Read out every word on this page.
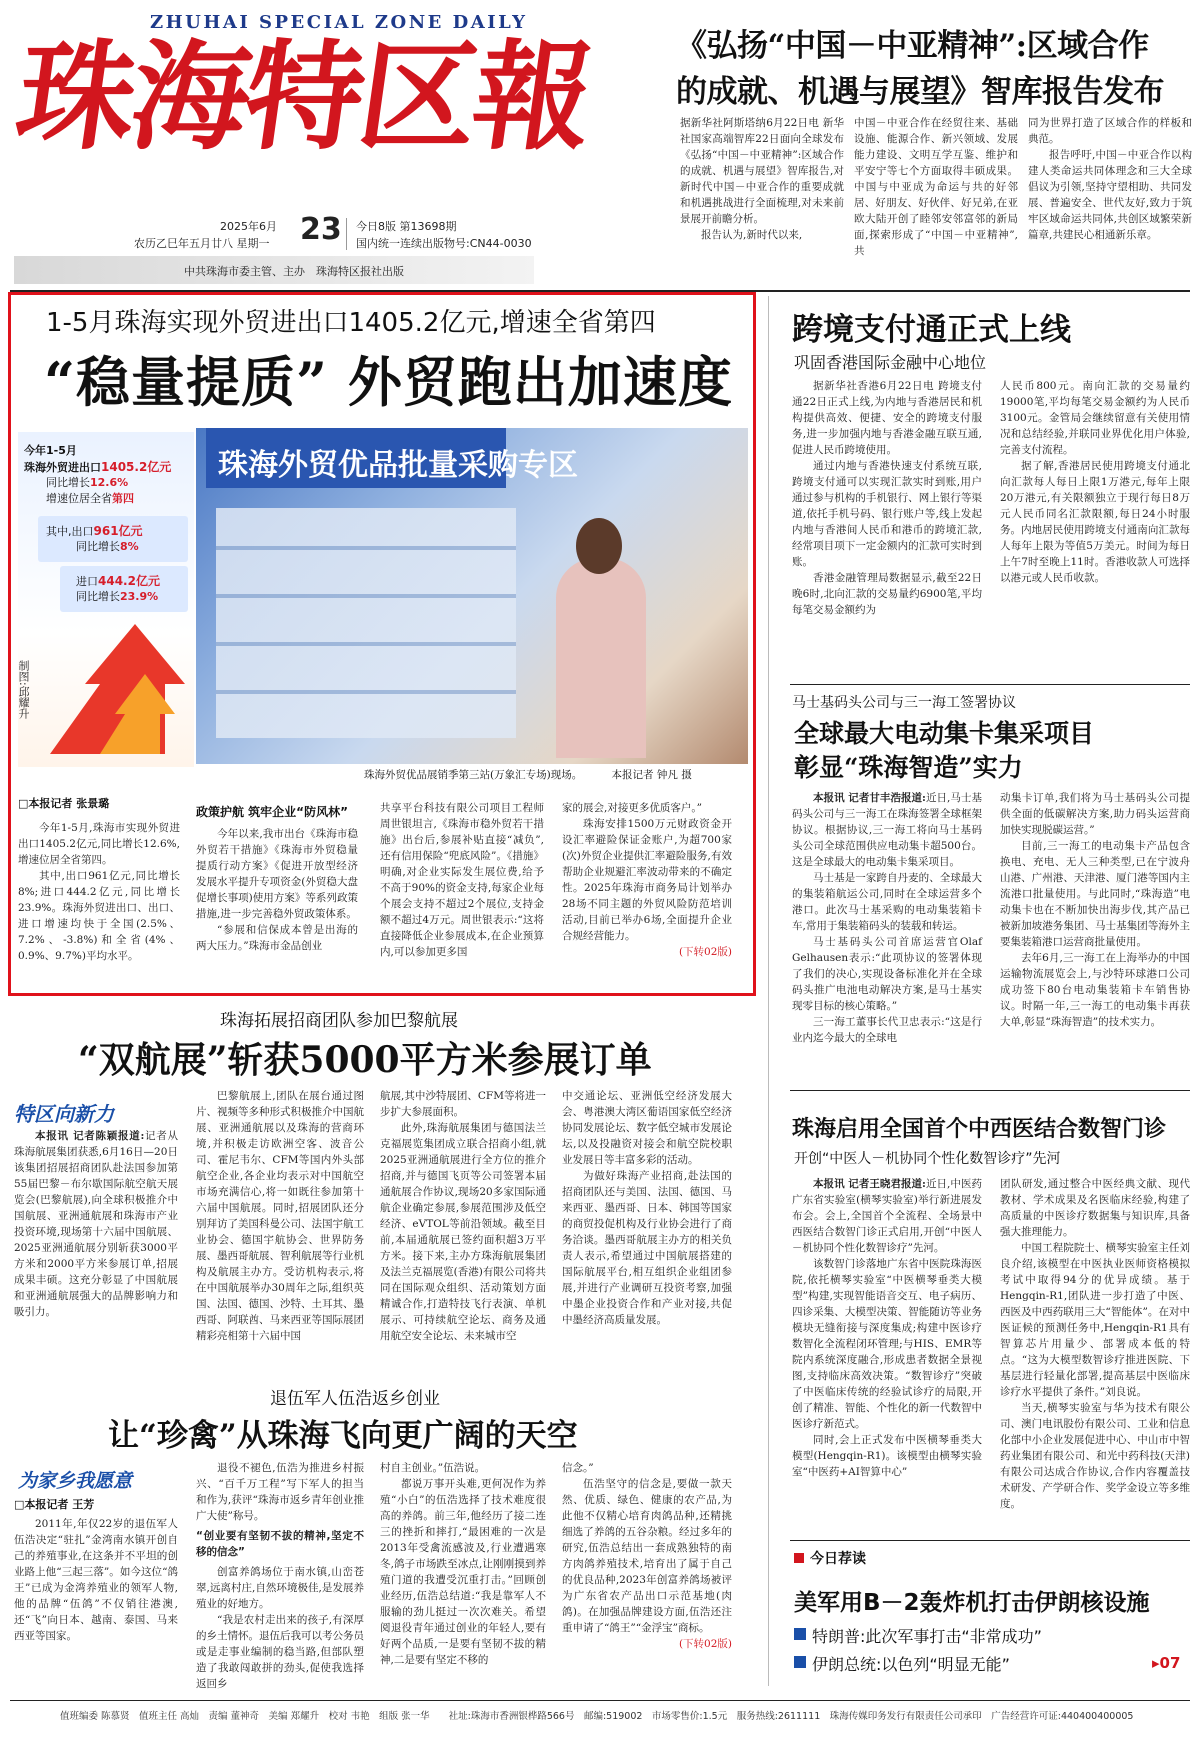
ZHUHAI SPECIAL ZONE DAILY
珠海特区報
2025年6月
农历乙巳年五月廿八 星期一 23 今日8版 第13698期
国内统一连续出版物号:CN44-0030
中共珠海市委主管、主办　珠海特区报社出版
《弘扬“中国－中亚精神”:区域合作
的成就、机遇与展望》智库报告发布

据新华社阿斯塔纳6月22日电 新华社国家高端智库22日面向全球发布《弘扬“中国－中亚精神”:区域合作的成就、机遇与展望》智库报告,对新时代中国－中亚合作的重要成就和机遇挑战进行全面梳理,对未来前景展开前瞻分析。

报告认为,新时代以来,

中国－中亚合作在经贸往来、基础设施、能源合作、新兴领域、发展能力建设、文明互学互鉴、维护和平安宁等七个方面取得丰硕成果。中国与中亚成为命运与共的好邻居、好朋友、好伙伴、好兄弟,在亚欧大陆开创了睦邻安邻富邻的新局面,探索形成了“中国－中亚精神”,共

同为世界打造了区域合作的样板和典范。

报告呼吁,中国－中亚合作以构建人类命运共同体理念和三大全球倡议为引领,坚持守望相助、共同发展、普遍安全、世代友好,致力于筑牢区域命运共同体,共创区域繁荣新篇章,共建民心相通新乐章。

1-5月珠海实现外贸进出口1405.2亿元,增速全省第四
“稳量提质” 外贸跑出加速度
今年1-5月
珠海外贸进出口1405.2亿元
同比增长12.6%
增速位居全省第四
其中,出口961亿元
同比增长8%
进口444.2亿元
同比增长23.9%
制图:邱耀升
珠海外贸优品批量采购专区
珠海外贸优品展销季第三站(万象汇专场)现场。	本报记者 钟凡 摄
□本报记者 张景璐

今年1-5月,珠海市实现外贸进出口1405.2亿元,同比增长12.6%,增速位居全省第四。

其中,出口961亿元,同比增长8%;进口444.2亿元,同比增长23.9%。珠海外贸进出口、出口、进口增速均快于全国(2.5%、7.2%、-3.8%)和全省(4%、0.9%、9.7%)平均水平。

政策护航 筑牢企业“防风林”

今年以来,我市出台《珠海市稳外贸若干措施》《珠海市外贸稳量提质行动方案》《促进开放型经济发展水平提升专项资金(外贸稳大盘促增长事项)使用方案》等系列政策措施,进一步完善稳外贸政策体系。

“参展和信保成本曾是出海的两大压力。”珠海市金品创业

共享平台科技有限公司项目工程师周世银坦言,《珠海市稳外贸若干措施》出台后,参展补贴直接“减负”,还有信用保险“兜底风险”。《措施》明确,对企业实际发生展位费,给予不高于90%的资金支持,每家企业每个展会支持不超过2个展位,支持金额不超过4万元。周世银表示:“这将直接降低企业参展成本,在企业预算内,可以参加更多国

家的展会,对接更多优质客户。”

珠海安排1500万元财政资金开设汇率避险保证金账户,为超700家(次)外贸企业提供汇率避险服务,有效帮助企业规避汇率波动带来的不确定性。2025年珠海市商务局计划举办28场不同主题的外贸风险防范培训活动,目前已举办6场,全面提升企业合规经营能力。

(下转02版)

珠海拓展招商团队参加巴黎航展
“双航展”斩获5000平方米参展订单
特区向新力

本报讯 记者陈颖报道:记者从珠海航展集团获悉,6月16日—20日该集团招展招商团队赴法国参加第55届巴黎－布尔歇国际航空航天展览会(巴黎航展),向全球积极推介中国航展、亚洲通航展和珠海市产业投资环境,现场第十六届中国航展、2025亚洲通航展分别斩获3000平方米和2000平方米参展订单,招展成果丰硕。这充分彰显了中国航展和亚洲通航展强大的品牌影响力和吸引力。

巴黎航展上,团队在展台通过图片、视频等多种形式积极推介中国航展、亚洲通航展以及珠海的营商环境,并积极走访欧洲空客、波音公司、霍尼韦尔、CFM等国内外头部航空企业,各企业均表示对中国航空市场充满信心,将一如既往参加第十六届中国航展。同时,招展团队还分别拜访了美国科曼公司、法国宇航工业协会、德国宇航协会、世界防务展、墨西哥航展、智利航展等行业机构及航展主办方。受访机构表示,将在中国航展举办30周年之际,组织英国、法国、德国、沙特、土耳其、墨西哥、阿联酋、马来西亚等国际展团精彩亮相第十六届中国

航展,其中沙特展团、CFM等将进一步扩大参展面积。

此外,珠海航展集团与德国法兰克福展览集团成立联合招商小组,就2025亚洲通航展进行全方位的推介招商,并与德国飞页等公司签署本届通航展合作协议,现场20多家国际通航企业确定参展,参展范围涉及低空经济、eVTOL等前沿领域。截至目前,本届通航展已签约面积超3万平方米。接下来,主办方珠海航展集团及法兰克福展览(香港)有限公司将共同在国际观众组织、活动策划方面精诚合作,打造特技飞行表演、单机展示、可持续航空论坛、商务及通用航空安全论坛、未来城市空

中交通论坛、亚洲低空经济发展大会、粤港澳大湾区葡语国家低空经济协同发展论坛、数字低空城市发展论坛,以及投融资对接会和航空院校职业发展日等丰富多彩的活动。

为做好珠海产业招商,赴法国的招商团队还与美国、法国、德国、马来西亚、墨西哥、日本、韩国等国家的商贸投促机构及行业协会进行了商务洽谈。墨西哥航展主办方的相关负责人表示,希望通过中国航展搭建的国际航展平台,相互组织企业组团参展,并进行产业调研互投资考察,加强中墨企业投资合作和产业对接,共促中墨经济高质量发展。

退伍军人伍浩返乡创业
让“珍禽”从珠海飞向更广阔的天空
为家乡我愿意
□本报记者 王芳

2011年,年仅22岁的退伍军人伍浩决定“驻扎”金湾南水镇开创自己的养殖事业,在这条并不平坦的创业路上他“三起三落”。如今这位“鸽王”已成为金湾养殖业的领军人物,他的品牌“伍鸽”不仅销往港澳,还“飞”向日本、越南、泰国、马来西亚等国家。

退役不褪色,伍浩为推进乡村振兴、“百千万工程”写下军人的担当和作为,获评“珠海市返乡青年创业推广大使”称号。

“创业要有坚韧不拔的精神,坚定不移的信念”

创富养鸽场位于南水镇,山峦苍翠,远离村庄,自然环境极佳,是发展养殖业的好地方。

“我是农村走出来的孩子,有深厚的乡土情怀。退伍后我可以考公务员或是走事业编制的稳当路,但部队塑造了我敢闯敢拼的劲头,促使我选择返回乡

村自主创业。”伍浩说。

都说万事开头难,更何况作为养殖“小白”的伍浩选择了技术难度很高的养鸽。前三年,他经历了接二连三的挫折和摔打,“最困难的一次是2013年受禽流感波及,行业遭遇寒冬,鸽子市场跌至冰点,让刚刚摸到养殖门道的我遭受沉重打击。”回顾创业经历,伍浩总结道:“我是靠军人不服输的劲儿挺过一次次难关。希望阅退役青年通过创业的年轻人,要有好两个品质,一是要有坚韧不拔的精神,二是要有坚定不移的

信念。”

伍浩坚守的信念是,要做一款天然、优质、绿色、健康的农产品,为此他不仅精心培育肉鸽品种,还精挑细选了养鸽的五谷杂粮。经过多年的研究,伍浩总结出一套成熟独特的南方肉鸽养殖技术,培育出了属于自己的优良品种,2023年创富养鸽场被评为广东省农产品出口示范基地(肉鸽)。在加强品牌建设方面,伍浩还注重申请了“鸽王”“金浮宝”商标。

(下转02版)

跨境支付通正式上线
巩固香港国际金融中心地位

据新华社香港6月22日电 跨境支付通22日正式上线,为内地与香港居民和机构提供高效、便捷、安全的跨境支付服务,进一步加强内地与香港金融互联互通,促进人民币跨境使用。

通过内地与香港快速支付系统互联,跨境支付通可以实现汇款实时到账,用户通过参与机构的手机银行、网上银行等渠道,依托手机号码、银行账户等,线上发起内地与香港间人民币和港币的跨境汇款,经常项目项下一定金额内的汇款可实时到账。

香港金融管理局数据显示,截至22日晚6时,北向汇款的交易量约6900笔,平均每笔交易金额约为

人民币800元。南向汇款的交易量约19000笔,平均每笔交易金额约为人民币3100元。金管局会继续留意有关使用情况和总结经验,并联同业界优化用户体验,完善支付流程。

据了解,香港居民使用跨境支付通北向汇款每人每日上限1万港元,每年上限20万港元,有关限额独立于现行每日8万元人民币同名汇款限额,每日24小时服务。内地居民使用跨境支付通南向汇款每人每年上限为等值5万美元。时间为每日上午7时至晚上11时。香港收款人可选择以港元或人民币收款。

马士基码头公司与三一海工签署协议
全球最大电动集卡集采项目
彰显“珠海智造”实力

本报讯 记者甘丰浩报道:近日,马士基码头公司与三一海工在珠海签署全球框架协议。根据协议,三一海工将向马士基码头公司全球范围供应电动集卡超500台。这是全球最大的电动集卡集采项目。

马士基是一家跨自丹麦的、全球最大的集装箱航运公司,同时在全球运营多个港口。此次马士基采购的电动集装箱卡车,常用于集装箱码头的装载和转运。

马士基码头公司首席运营官Olaf Gelhausen表示:“此项协议的签署体现了我们的决心,实现设备标准化并在全球码头推广电池电动解决方案,是马士基实现零目标的核心策略。”

三一海工董事长代卫忠表示:“这是行业内迄今最大的全球电

动集卡订单,我们将为马士基码头公司提供全面的低碳解决方案,助力码头运营商加快实现脱碳运营。”

目前,三一海工的电动集卡产品包含换电、充电、无人三种类型,已在宁波舟山港、广州港、天津港、厦门港等国内主流港口批量使用。与此同时,“珠海造”电动集卡也在不断加快出海步伐,其产品已被新加坡港务集团、马士基集团等海外主要集装箱港口运营商批量使用。

去年6月,三一海工在上海举办的中国运输物流展览会上,与沙特环球港口公司成功签下80台电动集装箱卡车销售协议。时隔一年,三一海工的电动集卡再获大单,彰显“珠海智造”的技术实力。

珠海启用全国首个中西医结合数智门诊
开创“中医人－机协同个性化数智诊疗”先河

本报讯 记者王晓君报道:近日,中医药广东省实验室(横琴实验室)举行新进展发布会。会上,全国首个全流程、全场景中西医结合数智门诊正式启用,开创“中医人－机协同个性化数智诊疗”先河。

该数智门诊落地广东省中医院珠海医院,依托横琴实验室“中医横琴垂类大模型”构建,实现智能语音交互、电子病历、四诊采集、大模型决策、智能随访等业务模块无缝衔接与深度集成;构建中医诊疗数智化全流程闭环管理;与HIS、EMR等院内系统深度融合,形成患者数据全景视图,支持临床高效决策。“数智诊疗”突破了中医临床传统的经验试诊疗的局限,开创了精准、智能、个性化的新一代数智中医诊疗新范式。

同时,会上正式发布中医横琴垂类大模型(Hengqin-R1)。该模型由横琴实验室“中医药+AI智算中心”

团队研发,通过整合中医经典文献、现代教材、学术成果及名医临床经验,构建了高质量的中医诊疗数据集与知识库,具备强大推理能力。

中国工程院院士、横琴实验室主任刘良介绍,该模型在中医执业医师资格模拟考试中取得94分的优异成绩。基于Hengqin-R1,团队进一步打造了中医、西医及中西药联用三大“智能体”。在对中医证候的预测任务中,Hengqin-R1具有智算芯片用量少、部署成本低的特点。“这为大模型数智诊疗推进医院、下基层进行轻量化部署,提高基层中医临床诊疗水平提供了条件。”刘良说。

当天,横琴实验室与华为技术有限公司、澳门电讯股份有限公司、工业和信息化部中小企业发展促进中心、中山市中智药业集团有限公司、和光中药科技(天津)有限公司达成合作协议,合作内容覆盖技术研发、产学研合作、奖学金设立等多维度。

今日荐读
美军用B－2轰炸机打击伊朗核设施
特朗普:此次军事打击“非常成功”
伊朗总统:以色列“明显无能”	▸07
值班编委 陈慕贤　值班主任 高灿　责编 董神奇　美编 郑耀升　校对 韦艳　组版 张一华　　社址:珠海市香洲银桦路566号　邮编:519002　市场零售价:1.5元　服务热线:2611111　珠海传媒印务发行有限责任公司承印　广告经营许可证:440400400005
